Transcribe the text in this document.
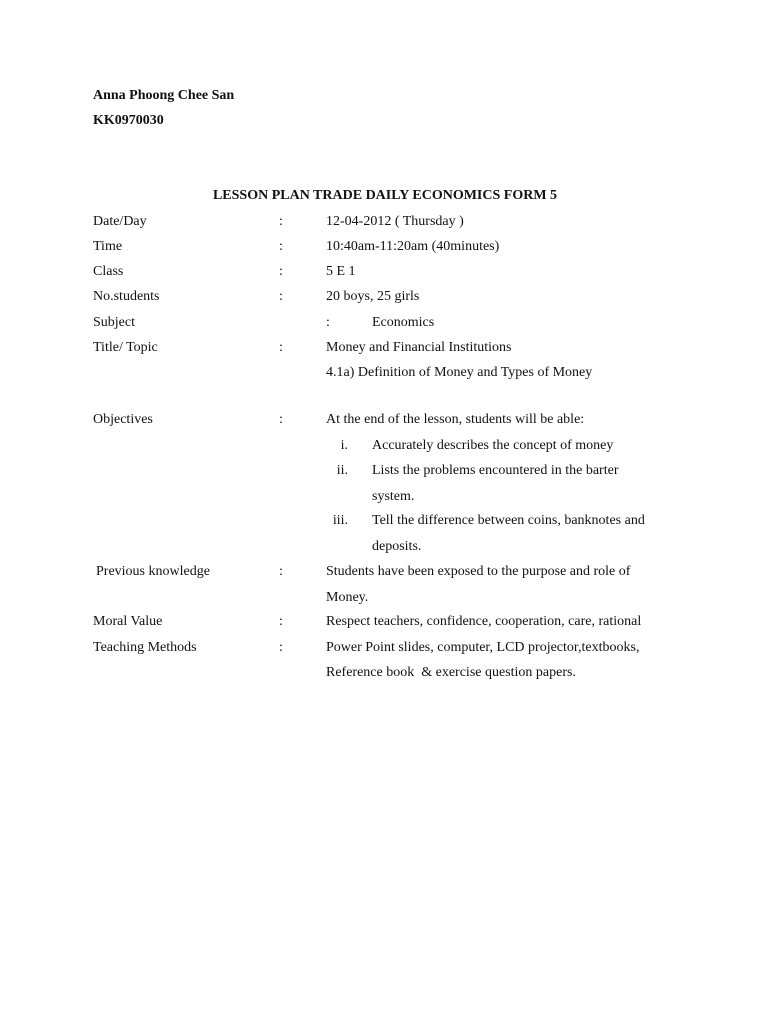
Anna Phoong Chee San
KK0970030
LESSON PLAN TRADE DAILY ECONOMICS FORM 5
Date/Day	:	12-04-2012 ( Thursday )
Time	:	10:40am-11:20am (40minutes)
Class	:	5 E 1
No.students	:	20 boys, 25 girls
Subject	:	Economics
Title/ Topic	:	Money and Financial Institutions
4.1a) Definition of Money and Types of Money
Objectives	:	At the end of the lesson, students will be able:
i. Accurately describes the concept of money
ii. Lists the problems encountered in the barter
system.
iii. Tell the difference between coins, banknotes and
deposits.
Previous knowledge	:	Students have been exposed to the purpose and role of
Money.
Moral Value	:	Respect teachers, confidence, cooperation, care, rational
Teaching Methods	:	Power Point slides, computer, LCD projector,textbooks,
Reference book  & exercise question papers.
